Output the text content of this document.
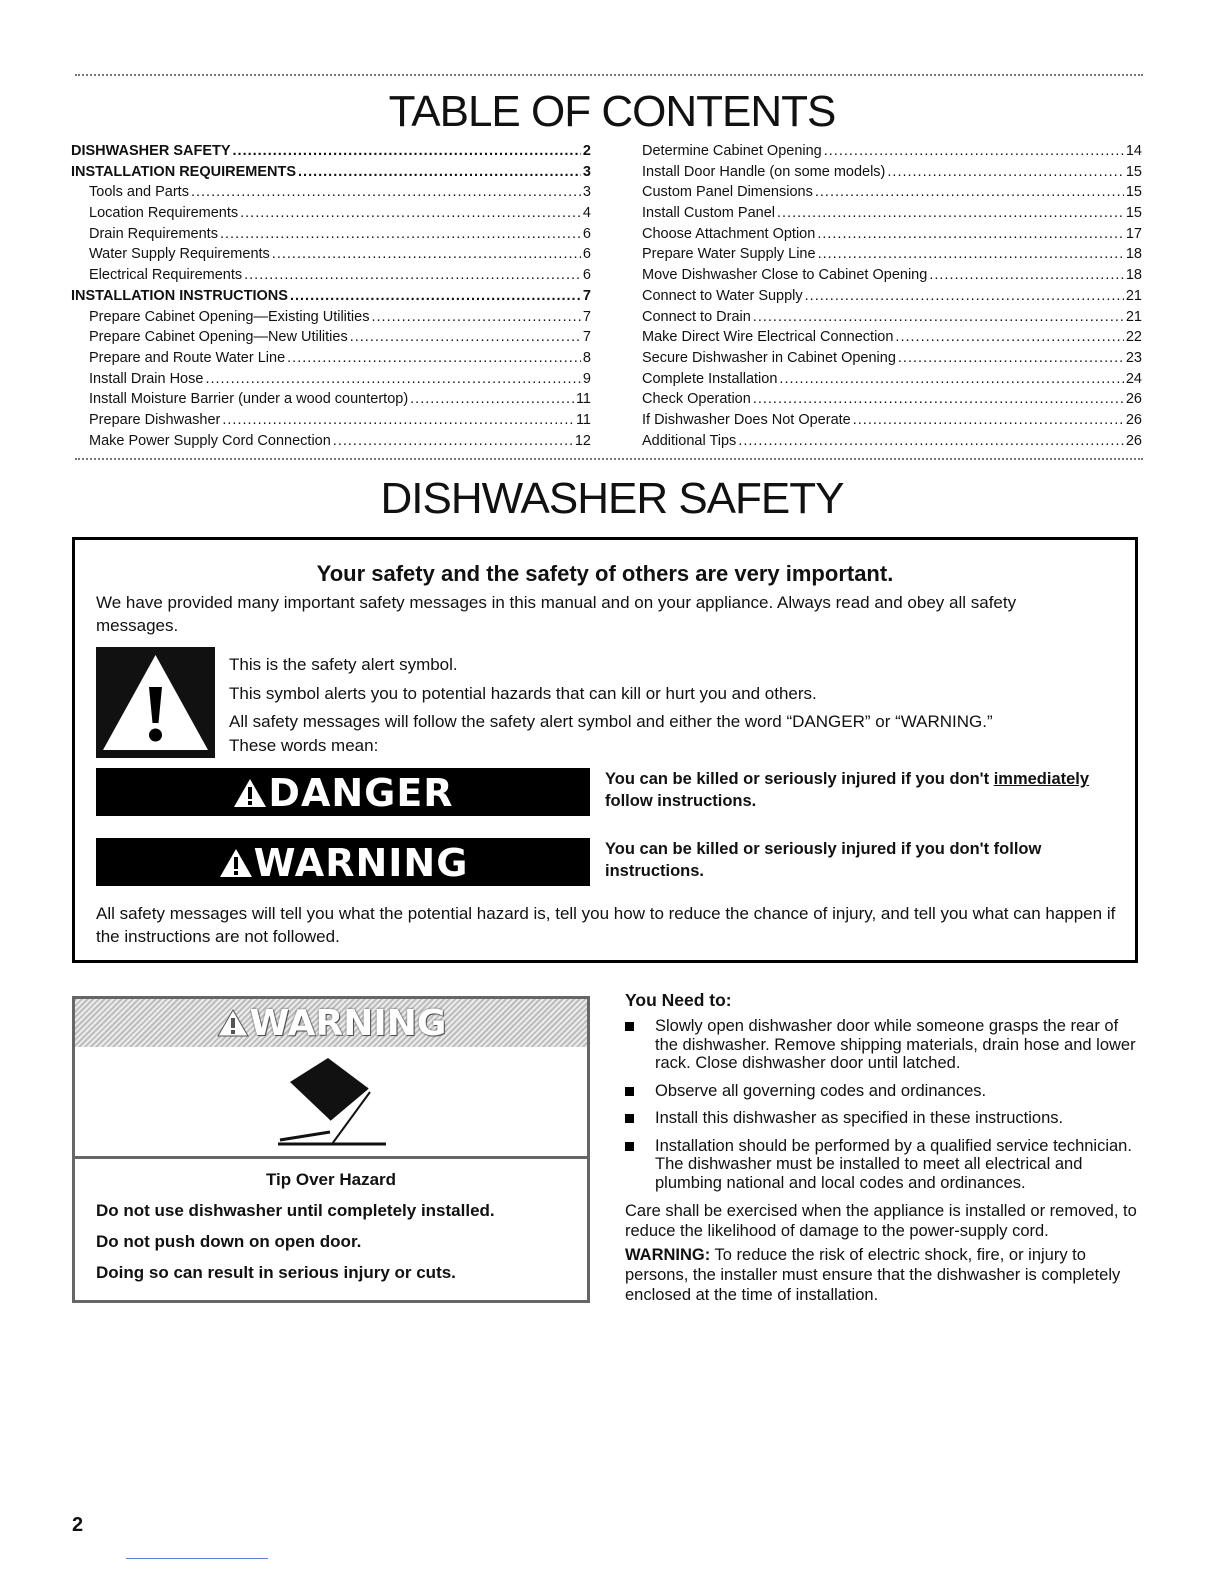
TABLE OF CONTENTS
DISHWASHER SAFETY .....	2
INSTALLATION REQUIREMENTS .....	3
Tools and Parts .....	3
Location Requirements .....	4
Drain Requirements .....	6
Water Supply Requirements .....	6
Electrical Requirements .....	6
INSTALLATION INSTRUCTIONS .....	7
Prepare Cabinet Opening—Existing Utilities .....	7
Prepare Cabinet Opening—New Utilities .....	7
Prepare and Route Water Line .....	8
Install Drain Hose .....	9
Install Moisture Barrier (under a wood countertop) .....	11
Prepare Dishwasher .....	11
Make Power Supply Cord Connection .....	12
Determine Cabinet Opening .....	14
Install Door Handle (on some models) .....	15
Custom Panel Dimensions .....	15
Install Custom Panel .....	15
Choose Attachment Option .....	17
Prepare Water Supply Line .....	18
Move Dishwasher Close to Cabinet Opening .....	18
Connect to Water Supply .....	21
Connect to Drain .....	21
Make Direct Wire Electrical Connection .....	22
Secure Dishwasher in Cabinet Opening .....	23
Complete Installation .....	24
Check Operation .....	26
If Dishwasher Does Not Operate .....	26
Additional Tips .....	26
DISHWASHER SAFETY
Your safety and the safety of others are very important.
We have provided many important safety messages in this manual and on your appliance. Always read and obey all safety messages.
This is the safety alert symbol.
This symbol alerts you to potential hazards that can kill or hurt you and others.
All safety messages will follow the safety alert symbol and either the word “DANGER” or “WARNING.”
These words mean:
DANGER	You can be killed or seriously injured if you don't immediately
follow instructions.
WARNING	You can be killed or seriously injured if you don't follow instructions.
All safety messages will tell you what the potential hazard is, tell you how to reduce the chance of injury, and tell you what can happen if the instructions are not followed.
WARNING
Tip Over Hazard
Do not use dishwasher until completely installed.
Do not push down on open door.
Doing so can result in serious injury or cuts.
You Need to:
Slowly open dishwasher door while someone grasps the rear of the dishwasher. Remove shipping materials, drain hose and lower rack. Close dishwasher door until latched.
Observe all governing codes and ordinances.
Install this dishwasher as specified in these instructions.
Installation should be performed by a qualified service technician. The dishwasher must be installed to meet all electrical and plumbing national and local codes and ordinances.
Care shall be exercised when the appliance is installed or removed, to reduce the likelihood of damage to the power-supply cord.
WARNING: To reduce the risk of electric shock, fire, or injury to persons, the installer must ensure that the dishwasher is completely enclosed at the time of installation.
2
